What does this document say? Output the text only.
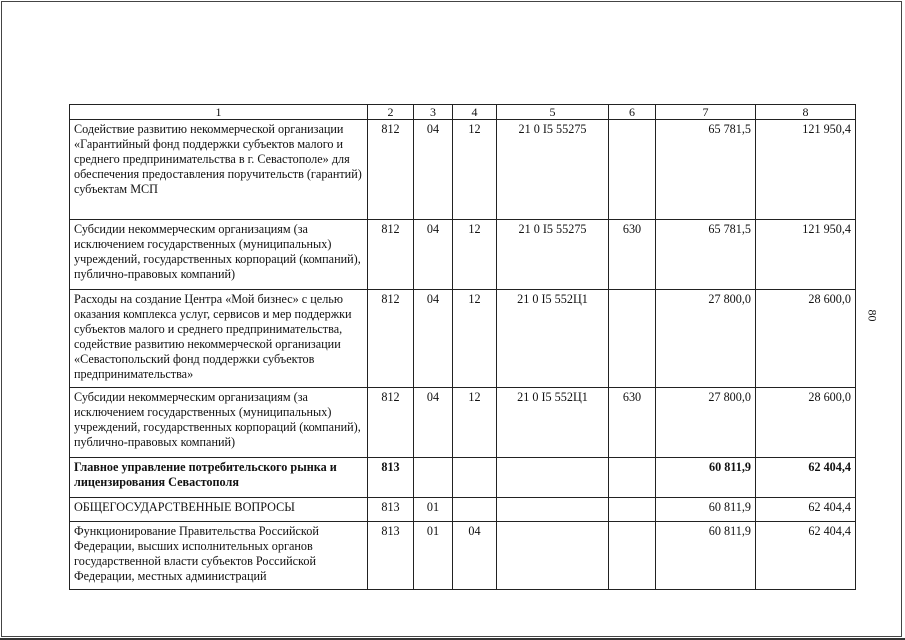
80
1	2	3	4	5	6	7	8
Содействие развитию некоммерческой организации «Гарантийный фонд поддержки субъектов малого и среднего предпринимательства в г. Севастополе» для обеспечения предоставления поручительств (гарантий) субъектам МСП	812	04	12	21 0 I5 55275		65 781,5	121 950,4
Субсидии некоммерческим организациям (за исключением государственных (муниципальных) учреждений, государственных корпораций (компаний), публично-правовых компаний)	812	04	12	21 0 I5 55275	630	65 781,5	121 950,4
Расходы на создание Центра «Мой бизнес» с целью оказания комплекса услуг, сервисов и мер поддержки субъектов малого и среднего предпринимательства, содействие развитию некоммерческой организации «Севастопольский фонд поддержки субъектов предпринимательства»	812	04	12	21 0 I5 552Ц1		27 800,0	28 600,0
Субсидии некоммерческим организациям (за исключением государственных (муниципальных) учреждений, государственных корпораций (компаний), публично-правовых компаний)	812	04	12	21 0 I5 552Ц1	630	27 800,0	28 600,0
Главное управление потребительского рынка и лицензирования Севастополя	813					60 811,9	62 404,4
ОБЩЕГОСУДАРСТВЕННЫЕ ВОПРОСЫ	813	01				60 811,9	62 404,4
Функционирование Правительства Российской Федерации, высших исполнительных органов государственной власти субъектов Российской Федерации, местных администраций	813	01	04			60 811,9	62 404,4
